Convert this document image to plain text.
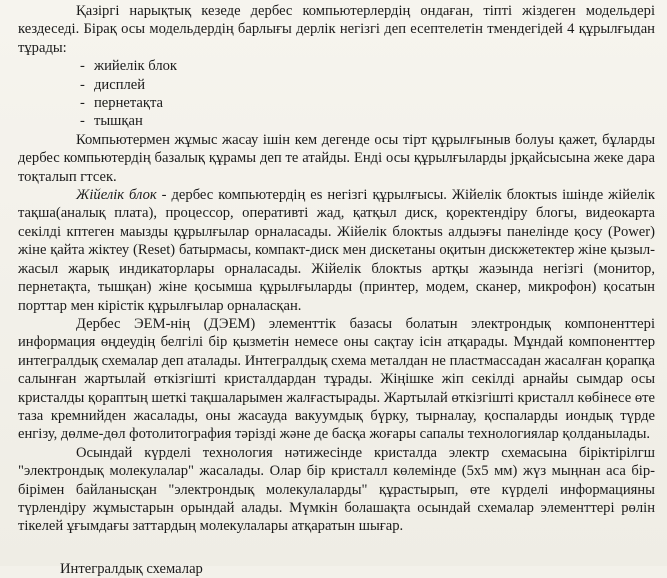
Қазіргі нарықтық кезеде дербес компьютерлердің ондаған, тіпті жіздеген модельдері кездеседі. Бірақ осы модельдердің барлығы дерлік негізгі деп есептелетін тмендегідей 4 құрылғыдан тұрады:

- жийелік блок
- дисплей
- пернетақта
- тышқан

Компьютермен жұмыс жасау ішін кем дегенде осы тірт құрылғыныв болуы қажет, бұларды дербес компьютердің базалық құрамы деп те атайды. Енді осы құрылғыларды јрқайсысына жеке дара тоқталып гтсек.

Жійелік блок - дербес компьютердің es негізгі құрылғысы. Жійелік блоктыs ішінде жійелік тақша(аналық плата), процессор, оперативті жад, қатқыл диск, қоректендіру блогы, видеокарта секілді кптеген маызды құрылғылар орналасады. Жійелік блоктыs алдыэғы панелінде қосу (Power) жіне қайта жіктеу (Reset) батырмасы, компакт-диск мен дискетаны оқитын дискжетектер жіне қызыл-жасыл жарық индикаторлары орналасады. Жійелік блоктыs артқы жаэында негізгі (монитор, пернетақта, тышқан) жіне қосымша құрылғыларды (принтер, модем, сканер, микрофон) қосатын порттар мен кірістік құрылғылар орналасқан.

Дербес ЭЕМ-нің (ДЭЕМ) элементтік базасы болатын электрондық компоненттері информация өңдеудің белгілі бір қызметін немесе оны сақтау ісін атқарады. Мұндай компоненттер интегралдық схемалар деп аталады. Интегралдық схема металдан не пластмассадан жасалған қорапқа салынған жартылай өткізгішті кристалдардан тұрады. Жіңішке жіп секілді арнайы сымдар осы кристалды қораптың шеткі тақшаларымен жалғастырады. Жартылай өткізгішті кристалл көбінесе өте таза кремнийден жасалады, оны жасауда вакуумдық бүрку, тырналау, қоспаларды иондық түрде енгізу, дөлме-дөл фотолитография тәрізді және де басқа жоғары сапалы технологиялар қолданылады.

Осындай күрделі технология нәтижесінде кристалда электр схемасына біріктірілгш "электрондық молекулалар" жасалады. Олар бір кристалл көлемінде (5x5 мм) жүз мыңнан аса бір-бірімен байланысқан "электрондық молекулаларды" құрастырып, өте күрделі информацияны түрлендіру жұмыстарын орындай алады. Мүмкін болашақта осындай схемалар элементтері рөлін тікелей ұғымдағы заттардың молекулалары атқаратын шығар.

Интегралдық схемалар
